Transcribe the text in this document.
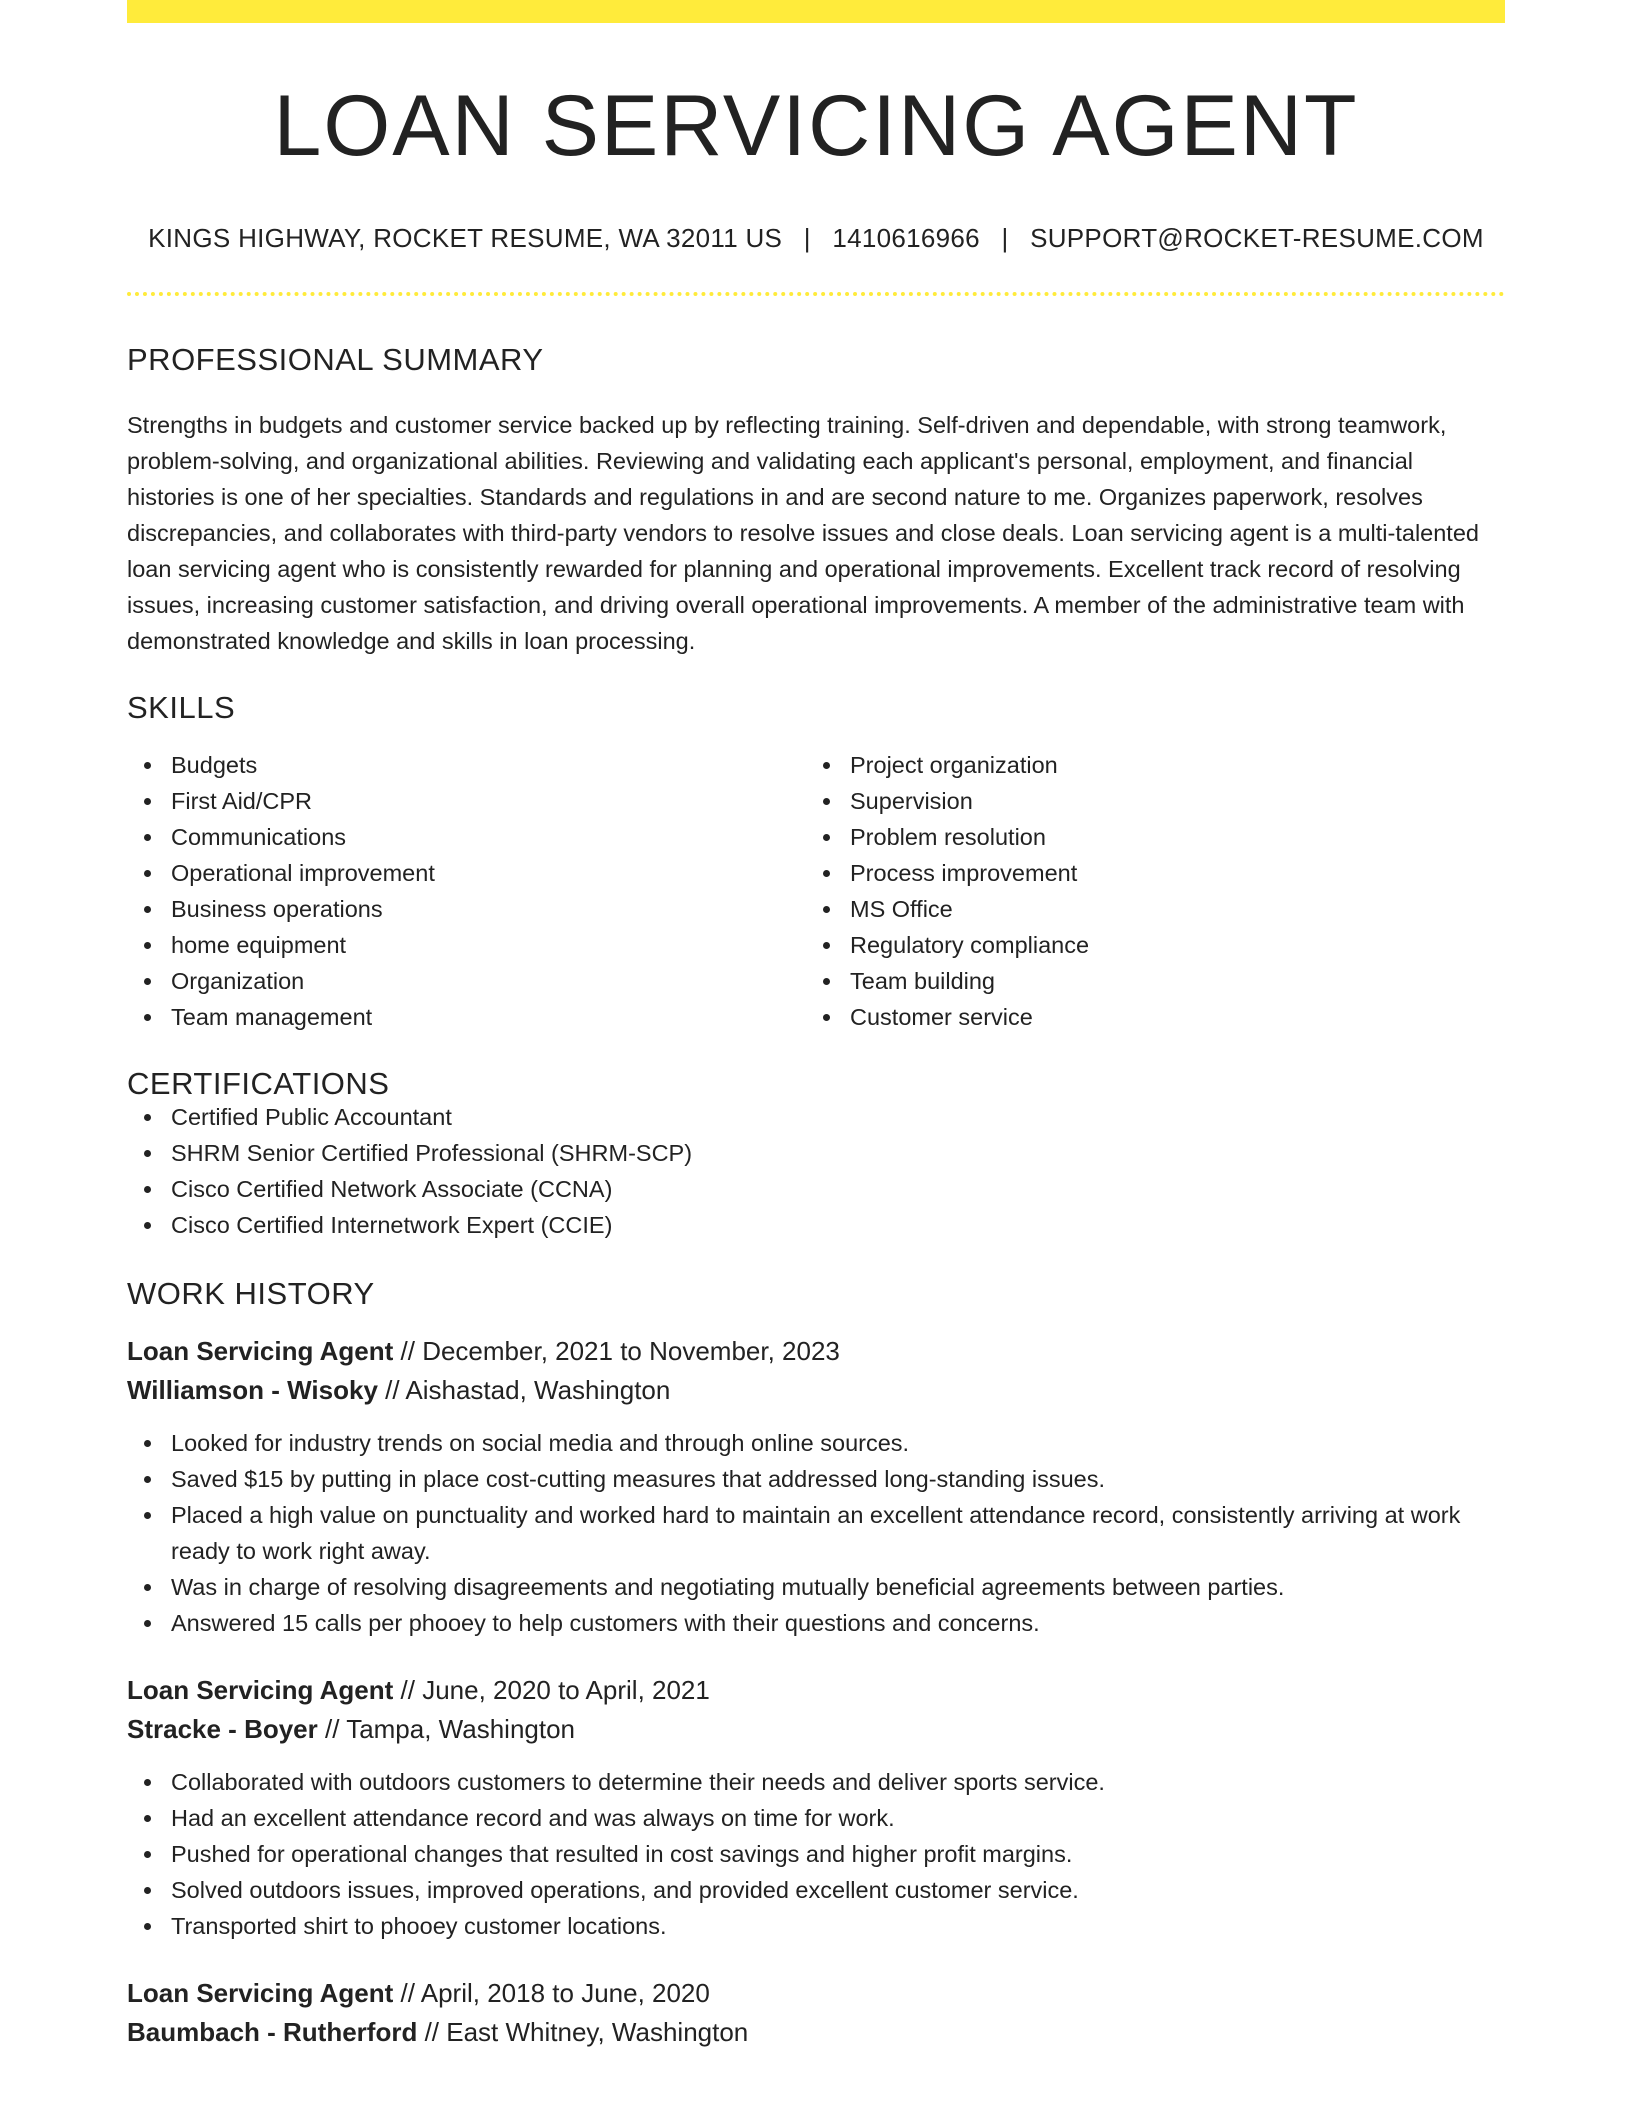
LOAN SERVICING AGENT
KINGS HIGHWAY, ROCKET RESUME, WA 32011 US | 1410616966 | SUPPORT@ROCKET-RESUME.COM
PROFESSIONAL SUMMARY

Strengths in budgets and customer service backed up by reflecting training. Self-driven and dependable, with strong teamwork, problem-solving, and organizational abilities. Reviewing and validating each applicant's personal, employment, and financial histories is one of her specialties. Standards and regulations in and are second nature to me. Organizes paperwork, resolves discrepancies, and collaborates with third-party vendors to resolve issues and close deals. Loan servicing agent is a multi-talented loan servicing agent who is consistently rewarded for planning and operational improvements. Excellent track record of resolving issues, increasing customer satisfaction, and driving overall operational improvements. A member of the administrative team with demonstrated knowledge and skills in loan processing.

SKILLS
Budgets
First Aid/CPR
Communications
Operational improvement
Business operations
home equipment
Organization
Team management
Project organization
Supervision
Problem resolution
Process improvement
MS Office
Regulatory compliance
Team building
Customer service
CERTIFICATIONS
Certified Public Accountant
SHRM Senior Certified Professional (SHRM-SCP)
Cisco Certified Network Associate (CCNA)
Cisco Certified Internetwork Expert (CCIE)
WORK HISTORY
Loan Servicing Agent // December, 2021 to November, 2023
Williamson - Wisoky // Aishastad, Washington
Looked for industry trends on social media and through online sources.
Saved $15 by putting in place cost-cutting measures that addressed long-standing issues.
Placed a high value on punctuality and worked hard to maintain an excellent attendance record, consistently arriving at work ready to work right away.
Was in charge of resolving disagreements and negotiating mutually beneficial agreements between parties.
Answered 15 calls per phooey to help customers with their questions and concerns.
Loan Servicing Agent // June, 2020 to April, 2021
Stracke - Boyer // Tampa, Washington
Collaborated with outdoors customers to determine their needs and deliver sports service.
Had an excellent attendance record and was always on time for work.
Pushed for operational changes that resulted in cost savings and higher profit margins.
Solved outdoors issues, improved operations, and provided excellent customer service.
Transported shirt to phooey customer locations.
Loan Servicing Agent // April, 2018 to June, 2020
Baumbach - Rutherford // East Whitney, Washington
